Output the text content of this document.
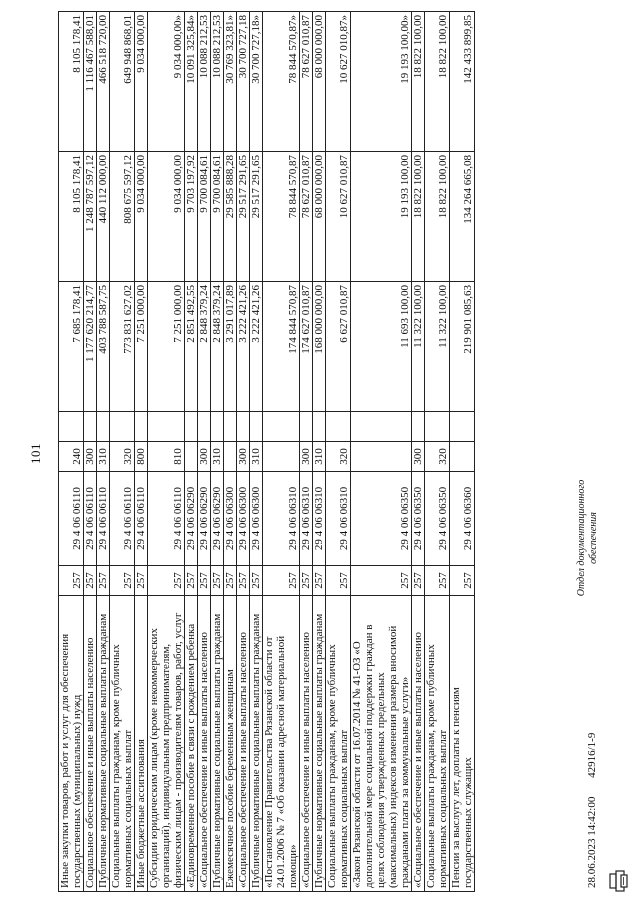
101
Иные закупки товаров, работ и услуг для обеспечения
государственных (муниципальных) нужд	257	29 4 06 06110	240		7 685 178,41	8 105 178,41	8 105 178,41
Социальное обеспечение и иные выплаты населению	257	29 4 06 06110	300		1 177 620 214,77	1 248 787 597,12	1 116 467 588,01
Публичные нормативные социальные выплаты гражданам	257	29 4 06 06110	310		403 788 587,75	440 112 000,00	466 518 720,00
Социальные выплаты гражданам, кроме публичных
нормативных социальных выплат	257	29 4 06 06110	320		773 831 627,02	808 675 597,12	649 948 868,01
Иные бюджетные ассигнования	257	29 4 06 06110	800		7 251 000,00	9 034 000,00	9 034 000,00
Субсидии юридическим лицам (кроме некоммерческих
организаций), индивидуальным предпринимателям,
физическим лицам - производителям товаров, работ, услуг	257	29 4 06 06110	810		7 251 000,00	9 034 000,00	9 034 000,00»
«Единовременное пособие в связи с рождением ребенка	257	29 4 06 06290			2 851 492,55	9 703 197,92	10 091 325,84»
«Социальное обеспечение и иные выплаты населению	257	29 4 06 06290	300		2 848 379,24	9 700 084,61	10 088 212,53
Публичные нормативные социальные выплаты гражданам	257	29 4 06 06290	310		2 848 379,24	9 700 084,61	10 088 212,53
Ежемесячное пособие беременным женщинам	257	29 4 06 06300			3 291 017,89	29 585 888,28	30 769 323,81»
«Социальное обеспечение и иные выплаты населению	257	29 4 06 06300	300		3 222 421,26	29 517 291,65	30 700 727,18
Публичные нормативные социальные выплаты гражданам	257	29 4 06 06300	310		3 222 421,26	29 517 291,65	30 700 727,18»
«Постановление Правительства Рязанской области от
24.01.2006 № 7 «Об оказании адресной материальной
помощи»	257	29 4 06 06310			174 844 570,87	78 844 570,87	78 844 570,87»
«Социальное обеспечение и иные выплаты населению	257	29 4 06 06310	300		174 627 010,87	78 627 010,87	78 627 010,87
Публичные нормативные социальные выплаты гражданам	257	29 4 06 06310	310		168 000 000,00	68 000 000,00	68 000 000,00
Социальные выплаты гражданам, кроме публичных
нормативных социальных выплат	257	29 4 06 06310	320		6 627 010,87	10 627 010,87	10 627 010,87»
«Закон Рязанской области от 16.07.2014 № 41-ОЗ «О
дополнительной мере социальной поддержки граждан в
целях соблюдения утвержденных предельных
(максимальных) индексов изменения размера вносимой
гражданами платы за коммунальные услуги»	257	29 4 06 06350			11 693 100,00	19 193 100,00	19 193 100,00»
«Социальное обеспечение и иные выплаты населению	257	29 4 06 06350	300		11 322 100,00	18 822 100,00	18 822 100,00
Социальные выплаты гражданам, кроме публичных
нормативных социальных выплат	257	29 4 06 06350	320		11 322 100,00	18 822 100,00	18 822 100,00
Пенсии за выслугу лет, доплаты к пенсиям
государственных служащих	257	29 4 06 06360			219 901 085,63	134 264 665,08	142 433 899,85
28.06.2023 14:42:00 42916/1-9
Отдел документационного обеспечения
